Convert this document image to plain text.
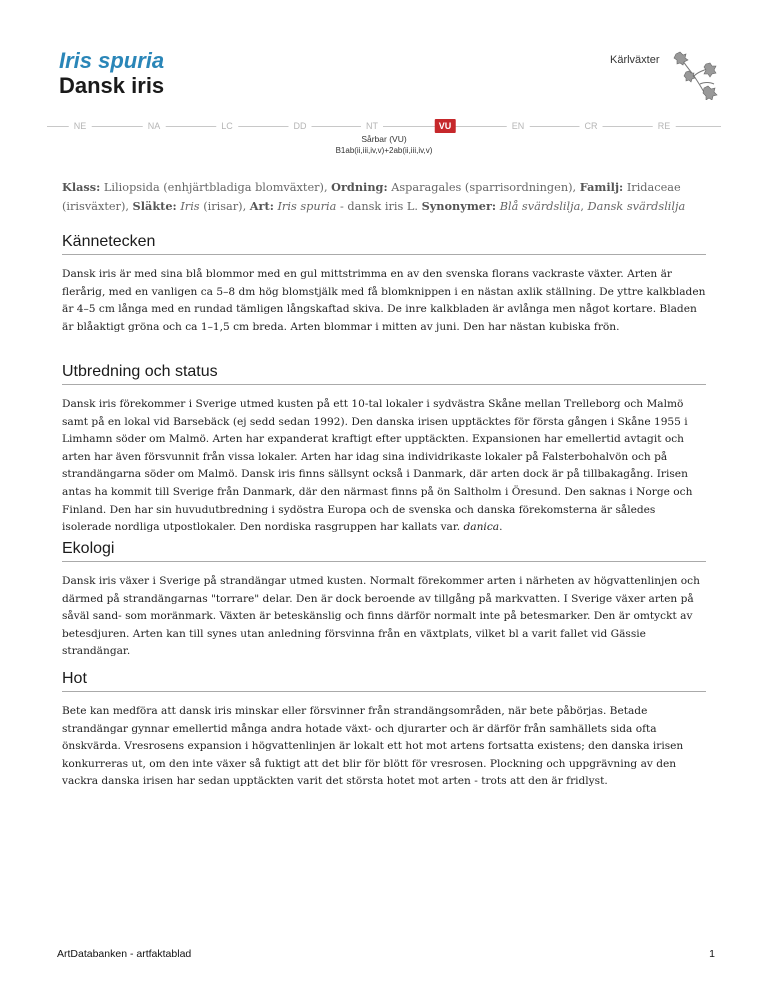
Iris spuria
Dansk iris
Kärlväxter
NE	NA	LC	DD	NT	VU	EN	CR	RE
Sårbar (VU)
B1ab(ii,iii,iv,v)+2ab(ii,iii,iv,v)
Klass: Liliopsida (enhjärtbladiga blomväxter), Ordning: Asparagales (sparrisordningen), Familj: Iridaceae (irisväxter), Släkte: Iris (irisar), Art: Iris spuria - dansk iris L. Synonymer: Blå svärdslilja, Dansk svärdslilja
Kännetecken

Dansk iris är med sina blå blommor med en gul mittstrimma en av den svenska florans vackraste växter. Arten är flerårig, med en vanligen ca 5–8 dm hög blomstjälk med få blomknippen i en nästan axlik ställning. De yttre kalkbladen är 4–5 cm långa med en rundad tämligen långskaftad skiva. De inre kalkbladen är avlånga men något kortare. Bladen är blåaktigt gröna och ca 1–1,5 cm breda. Arten blommar i mitten av juni. Den har nästan kubiska frön.

Utbredning och status

Dansk iris förekommer i Sverige utmed kusten på ett 10-tal lokaler i sydvästra Skåne mellan Trelleborg och Malmö samt på en lokal vid Barsebäck (ej sedd sedan 1992). Den danska irisen upptäcktes för första gången i Skåne 1955 i Limhamn söder om Malmö. Arten har expanderat kraftigt efter upptäckten. Expansionen har emellertid avtagit och arten har även försvunnit från vissa lokaler. Arten har idag sina individrikaste lokaler på Falsterbohalvön och på strandängarna söder om Malmö. Dansk iris finns sällsynt också i Danmark, där arten dock är på tillbakagång. Irisen antas ha kommit till Sverige från Danmark, där den närmast finns på ön Saltholm i Öresund. Den saknas i Norge och Finland. Den har sin huvudutbredning i sydöstra Europa och de svenska och danska förekomsterna är således isolerade nordliga utpostlokaler. Den nordiska rasgruppen har kallats var. danica.

Ekologi

Dansk iris växer i Sverige på strandängar utmed kusten. Normalt förekommer arten i närheten av högvattenlinjen och därmed på strandängarnas "torrare" delar. Den är dock beroende av tillgång på markvatten. I Sverige växer arten på såväl sand- som moränmark. Växten är beteskänslig och finns därför normalt inte på betesmarker. Den är omtyckt av betesdjuren. Arten kan till synes utan anledning försvinna från en växtplats, vilket bl a varit fallet vid Gässie strandängar.

Hot

Bete kan medföra att dansk iris minskar eller försvinner från strandängsområden, när bete påbörjas. Betade strandängar gynnar emellertid många andra hotade växt- och djurarter och är därför från samhällets sida ofta önskvärda. Vresrosens expansion i högvattenlinjen är lokalt ett hot mot artens fortsatta existens; den danska irisen konkurreras ut, om den inte växer så fuktigt att det blir för blött för vresrosen. Plockning och uppgrävning av den vackra danska irisen har sedan upptäckten varit det största hotet mot arten - trots att den är fridlyst.

ArtDatabanken - artfaktablad	1
